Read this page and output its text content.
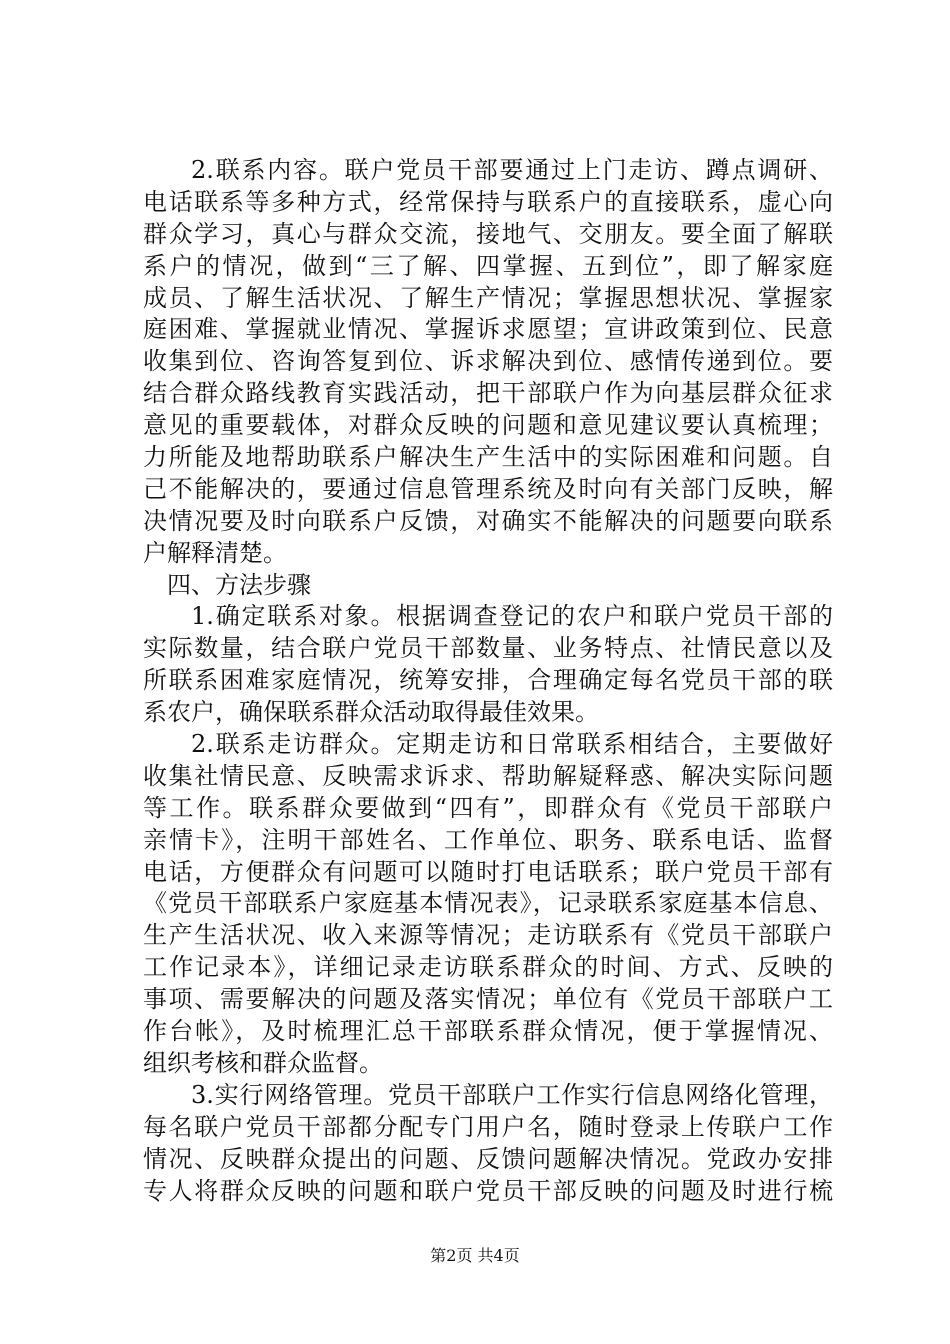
2.联系内容。联户党员干部要通过上门走访、蹲点调研、
电话联系等多种方式，经常保持与联系户的直接联系，虚心向
群众学习，真心与群众交流，接地气、交朋友。要全面了解联
系户的情况，做到“三了解、四掌握、五到位”，即了解家庭
成员、了解生活状况、了解生产情况；掌握思想状况、掌握家
庭困难、掌握就业情况、掌握诉求愿望；宣讲政策到位、民意
收集到位、咨询答复到位、诉求解决到位、感情传递到位。要
结合群众路线教育实践活动，把干部联户作为向基层群众征求
意见的重要载体，对群众反映的问题和意见建议要认真梳理；
力所能及地帮助联系户解决生产生活中的实际困难和问题。自
己不能解决的，要通过信息管理系统及时向有关部门反映，解
决情况要及时向联系户反馈，对确实不能解决的问题要向联系
户解释清楚。
四、方法步骤
1.确定联系对象。根据调查登记的农户和联户党员干部的
实际数量，结合联户党员干部数量、业务特点、社情民意以及
所联系困难家庭情况，统筹安排，合理确定每名党员干部的联
系农户，确保联系群众活动取得最佳效果。
2.联系走访群众。定期走访和日常联系相结合，主要做好
收集社情民意、反映需求诉求、帮助解疑释惑、解决实际问题
等工作。联系群众要做到“四有”，即群众有《党员干部联户
亲情卡》，注明干部姓名、工作单位、职务、联系电话、监督
电话，方便群众有问题可以随时打电话联系；联户党员干部有
《党员干部联系户家庭基本情况表》，记录联系家庭基本信息、
生产生活状况、收入来源等情况；走访联系有《党员干部联户
工作记录本》，详细记录走访联系群众的时间、方式、反映的
事项、需要解决的问题及落实情况；单位有《党员干部联户工
作台帐》，及时梳理汇总干部联系群众情况，便于掌握情况、
组织考核和群众监督。
3.实行网络管理。党员干部联户工作实行信息网络化管理，
每名联户党员干部都分配专门用户名，随时登录上传联户工作
情况、反映群众提出的问题、反馈问题解决情况。党政办安排
专人将群众反映的问题和联户党员干部反映的问题及时进行梳
第2页 共4页
